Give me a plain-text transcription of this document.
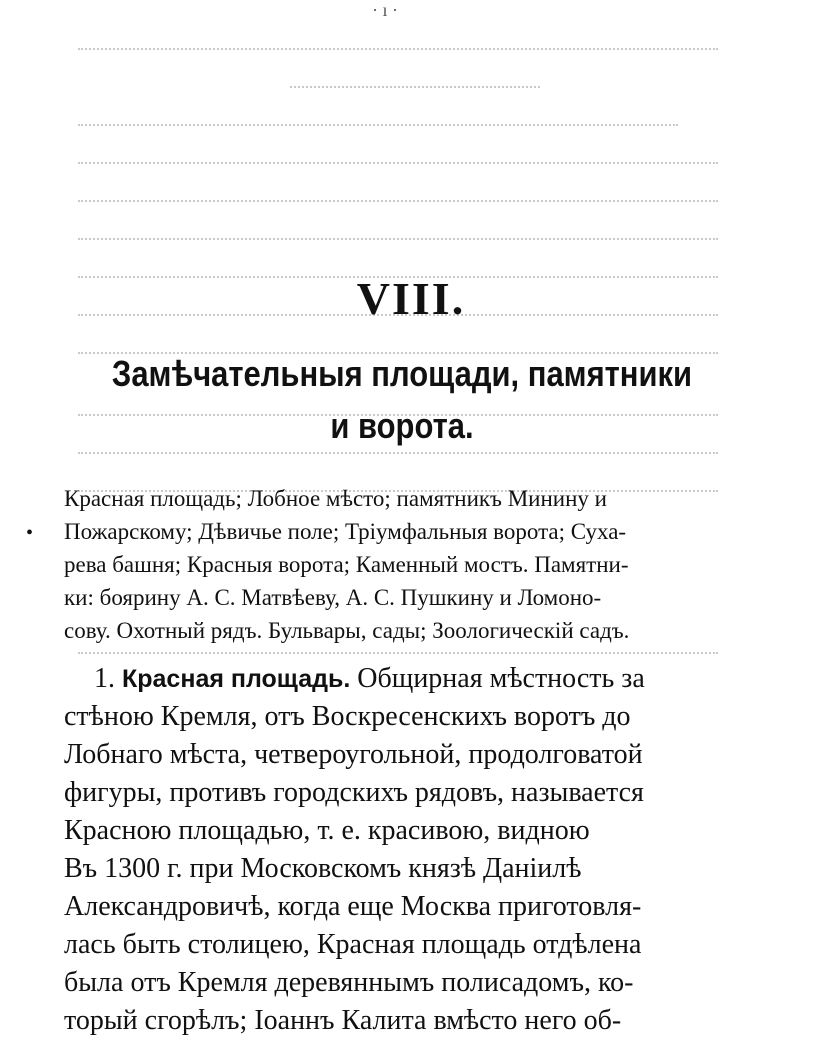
· ı ·
VIII.
Замѣчательныя площади, памятники
и ворота.
•
Красная площадь; Лобное мѣсто; памятникъ Минину и
Пожарскому; Дѣвичье поле; Тріумфальныя ворота; Суха-
рева башня; Красныя ворота; Каменный мостъ. Памятни-
ки: боярину А. С. Матвѣеву, А. С. Пушкину и Ломоно-
сову. Охотный рядъ. Бульвары, сады; Зоологическій садъ.
1. Красная площадь. Общирная мѣстность за
стѣною Кремля, отъ Воскресенскихъ воротъ до
Лобнаго мѣста, четвероугольной, продолговатой
фигуры, противъ городскихъ рядовъ, называется
Красною площадью, т. е. красивою, видною
Въ 1300 г. при Московскомъ князѣ Даніилѣ
Александровичѣ, когда еще Москва приготовля-
лась быть столицею, Красная площадь отдѣлена
была отъ Кремля деревяннымъ полисадомъ, ко-
торый сгорѣлъ; Іоаннъ Калита вмѣсто него об-
